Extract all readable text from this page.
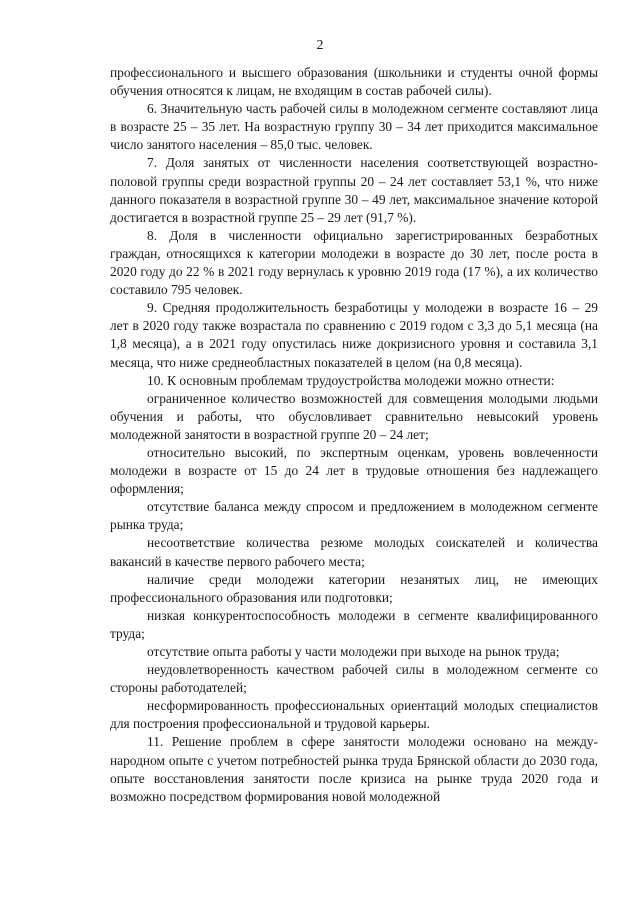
2

профессионального и высшего образования (школьники и студенты очной формы обучения относятся к лицам, не входящим в состав рабочей силы).

6. Значительную часть рабочей силы в молодежном сегменте составляют лица в возрасте 25 – 35 лет. На возрастную группу 30 – 34 лет приходится максимальное число занятого населения – 85,0 тыс. человек.

7. Доля занятых от численности населения соответствующей возрастно-половой группы среди возрастной группы 20 – 24 лет составляет 53,1 %, что ниже данного показателя в возрастной группе 30 – 49 лет, максимальное значение которой достигается в возрастной группе 25 – 29 лет (91,7 %).

8. Доля в численности официально зарегистрированных безработных граждан, относящихся к категории молодежи в возрасте до 30 лет, после роста в 2020 году до 22 % в 2021 году вернулась к уровню 2019 года (17 %), а их количество составило 795 человек.

9. Средняя продолжительность безработицы у молодежи в возрасте 16 – 29 лет в 2020 году также возрастала по сравнению с 2019 годом с 3,3 до 5,1 месяца (на 1,8 месяца), а в 2021 году опустилась ниже докризисного уровня и составила 3,1 месяца, что ниже среднеобластных показателей в целом (на 0,8 месяца).

10. К основным проблемам трудоустройства молодежи можно отнести:

ограниченное количество возможностей для совмещения молодыми людьми обучения и работы, что обусловливает сравнительно невысокий уровень молодежной занятости в возрастной группе 20 – 24 лет;

относительно высокий, по экспертным оценкам, уровень вовлеченности молодежи в возрасте от 15 до 24 лет в трудовые отношения без надлежащего оформления;

отсутствие баланса между спросом и предложением в молодежном сегменте рынка труда;

несоответствие количества резюме молодых соискателей и количества вакансий в качестве первого рабочего места;

наличие среди молодежи категории незанятых лиц, не имеющих профессионального образования или подготовки;

низкая конкурентоспособность молодежи в сегменте квалифицированного труда;

отсутствие опыта работы у части молодежи при выходе на рынок труда;

неудовлетворенность качеством рабочей силы в молодежном сегменте со стороны работодателей;

несформированность профессиональных ориентаций молодых специалистов для построения профессиональной и трудовой карьеры.

11. Решение проблем в сфере занятости молодежи основано на международном опыте с учетом потребностей рынка труда Брянской области до 2030 года, опыте восстановления занятости после кризиса на рынке труда 2020 года и возможно посредством формирования новой молодежной
